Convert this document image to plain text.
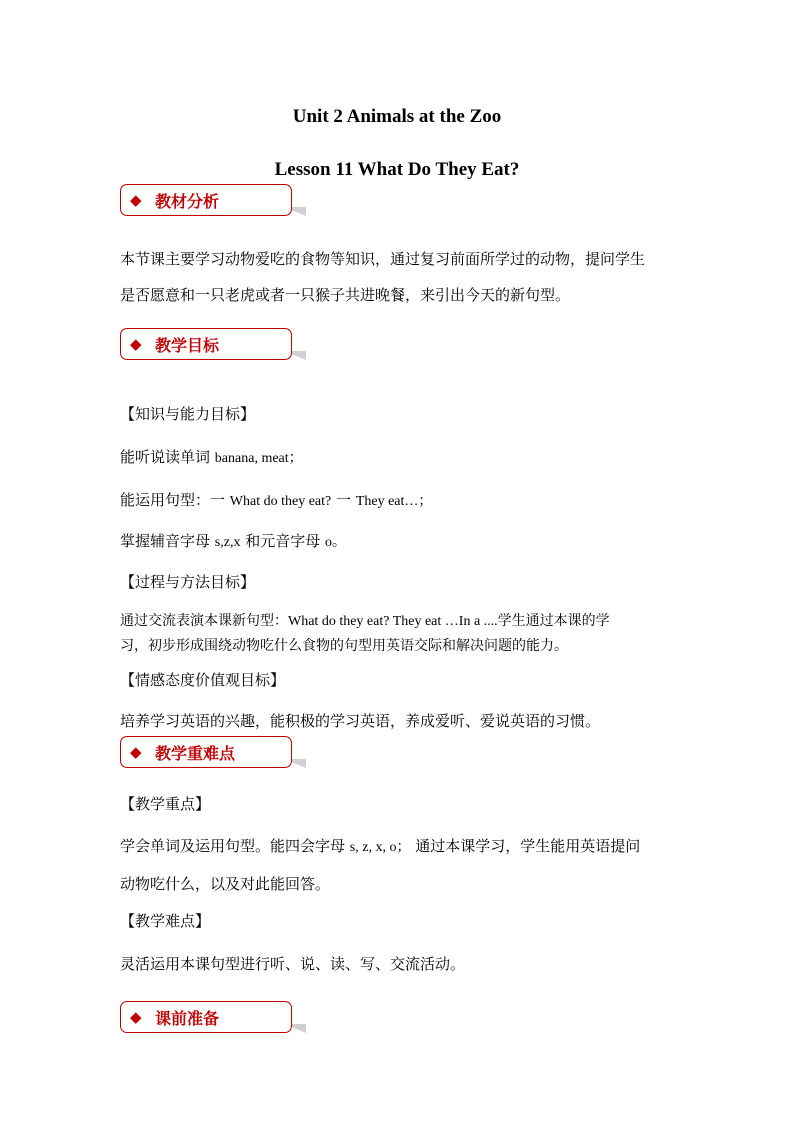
Unit 2 Animals at the Zoo
Lesson 11 What Do They Eat?
◆ 教材分析
本节课主要学习动物爱吃的食物等知识，通过复习前面所学过的动物，提问学生
是否愿意和一只老虎或者一只猴子共进晚餐，来引出今天的新句型。
◆ 教学目标
【知识与能力目标】
能听说读单词 banana, meat；
能运用句型：一 What do they eat? 一 They eat…；
掌握辅音字母 s,z,x 和元音字母 o。
【过程与方法目标】
通过交流表演本课新句型：What do they eat? They eat …In a ....学生通过本课的学
习，初步形成围绕动物吃什么食物的句型用英语交际和解决问题的能力。
【情感态度价值观目标】
培养学习英语的兴趣，能积极的学习英语，养成爱听、爱说英语的习惯。
◆ 教学重难点
【教学重点】
学会单词及运用句型。能四会字母 s, z, x, o； 通过本课学习，学生能用英语提问
动物吃什么，以及对此能回答。
【教学难点】
灵活运用本课句型进行听、说、读、写、交流活动。
◆ 课前准备
